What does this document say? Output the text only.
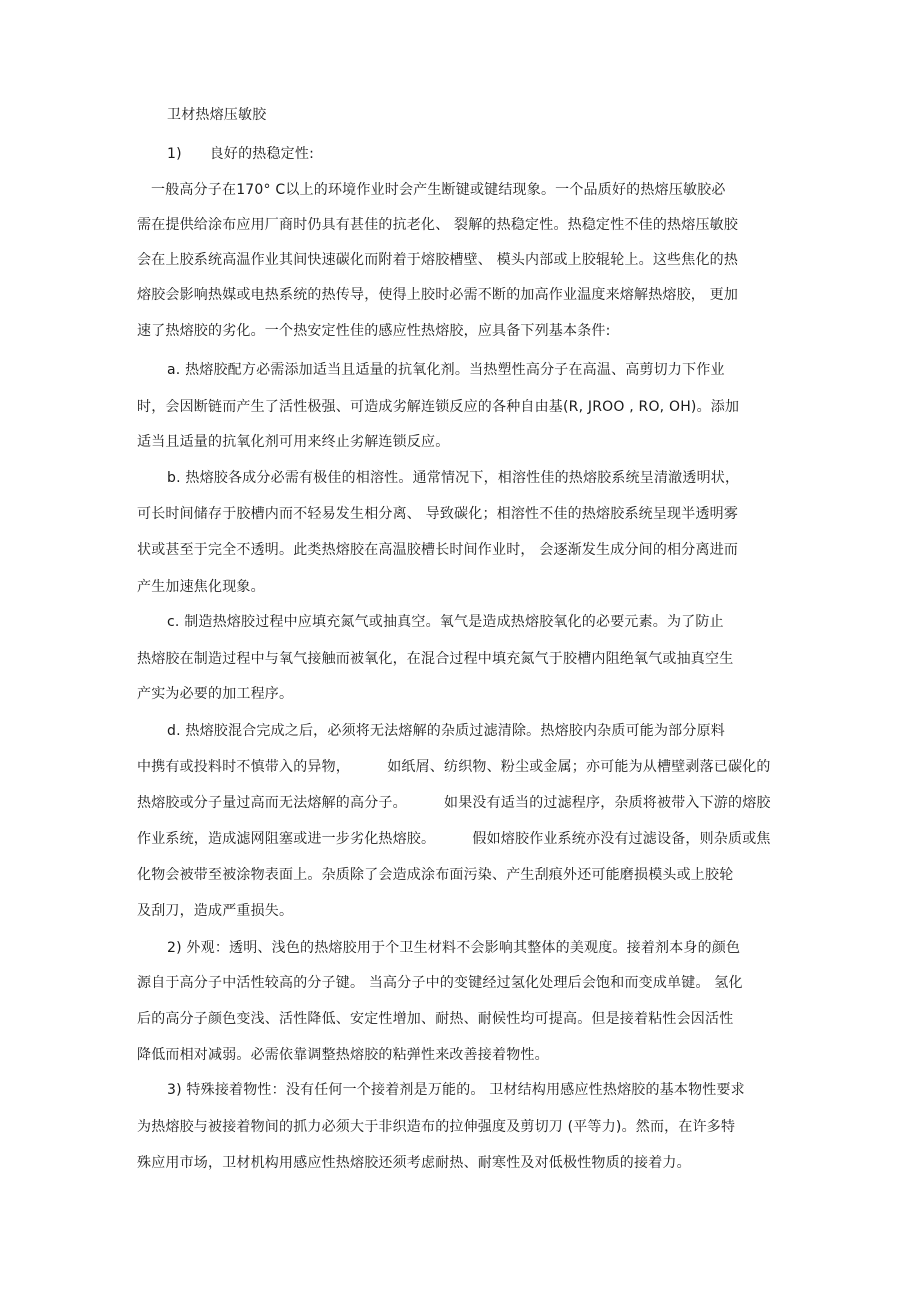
卫材热熔压敏胶
1)      良好的热稳定性:
一般高分子在170° C以上的环境作业时会产生断键或键结现象。一个品质好的热熔压敏胶必
需在提供给涂布应用厂商时仍具有甚佳的抗老化、 裂解的热稳定性。热稳定性不佳的热熔压敏胶
会在上胶系统高温作业其间快速碳化而附着于熔胶槽壁、 模头内部或上胶辊轮上。这些焦化的热
熔胶会影响热媒或电热系统的热传导，使得上胶时必需不断的加高作业温度来熔解热熔胶， 更加
速了热熔胶的劣化。一个热安定性佳的感应性热熔胶，应具备下列基本条件:
a. 热熔胶配方必需添加适当且适量的抗氧化剂。当热塑性高分子在高温、高剪切力下作业
时，会因断链而产生了活性极强、可造成劣解连锁反应的各种自由基(R, JROO , RO, OH)。添加
适当且适量的抗氧化剂可用来终止劣解连锁反应。
b. 热熔胶各成分必需有极佳的相溶性。通常情况下，相溶性佳的热熔胶系统呈清澈透明状，
可长时间储存于胶槽内而不轻易发生相分离、 导致碳化；相溶性不佳的热熔胶系统呈现半透明雾
状或甚至于完全不透明。此类热熔胶在高温胶槽长时间作业时， 会逐渐发生成分间的相分离进而
产生加速焦化现象。
c. 制造热熔胶过程中应填充氮气或抽真空。氧气是造成热熔胶氧化的必要元素。为了防止
热熔胶在制造过程中与氧气接触而被氧化，在混合过程中填充氮气于胶槽内阻绝氧气或抽真空生
产实为必要的加工程序。
d. 热熔胶混合完成之后，必须将无法熔解的杂质过滤清除。热熔胶内杂质可能为部分原料
中携有或投料时不慎带入的异物，        如纸屑、纺织物、粉尘或金属；亦可能为从槽壁剥落已碳化的
热熔胶或分子量过高而无法熔解的高分子。        如果没有适当的过滤程序，杂质将被带入下游的熔胶
作业系统，造成滤网阻塞或进一步劣化热熔胶。        假如熔胶作业系统亦没有过滤设备，则杂质或焦
化物会被带至被涂物表面上。杂质除了会造成涂布面污染、产生刮痕外还可能磨损模头或上胶轮
及刮刀，造成严重损失。
2) 外观：透明、浅色的热熔胶用于个卫生材料不会影响其整体的美观度。接着剂本身的颜色
源自于高分子中活性较高的分子键。 当高分子中的变键经过氢化处理后会饱和而变成单键。 氢化
后的高分子颜色变浅、活性降低、安定性增加、耐热、耐候性均可提高。但是接着粘性会因活性
降低而相对减弱。必需依靠调整热熔胶的粘弹性来改善接着物性。
3) 特殊接着物性：没有任何一个接着剂是万能的。 卫材结构用感应性热熔胶的基本物性要求
为热熔胶与被接着物间的抓力必须大于非织造布的拉伸强度及剪切刀 (平等力)。然而，在许多特
殊应用市场，卫材机构用感应性热熔胶还须考虑耐热、耐寒性及对低极性物质的接着力。
